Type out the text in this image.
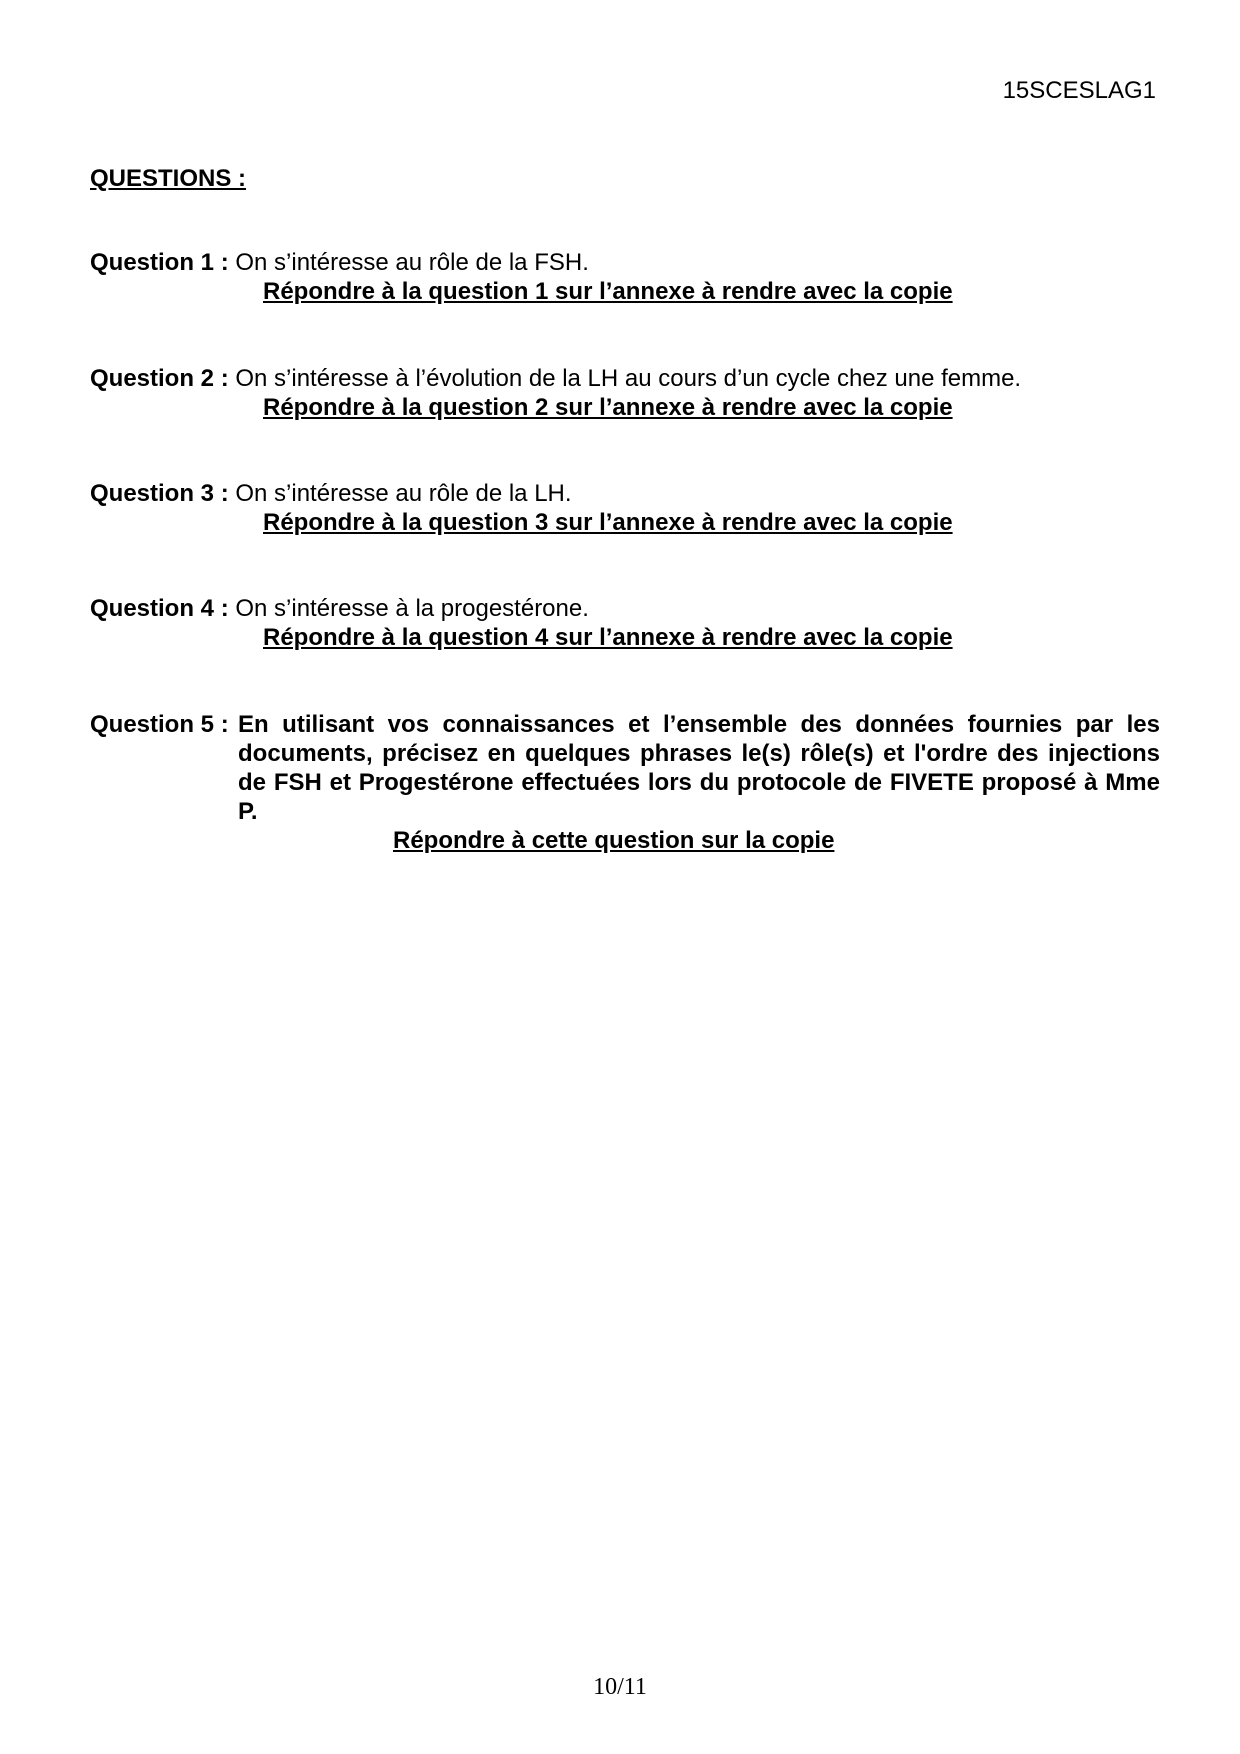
15SCESLAG1
QUESTIONS :
Question 1 : On s’intéresse au rôle de la FSH.
Répondre à la question 1 sur l’annexe à rendre avec la copie
Question 2 : On s’intéresse à l’évolution de la LH au cours d’un cycle chez une femme.
Répondre à la question 2 sur l’annexe à rendre avec la copie
Question 3 : On s’intéresse au rôle de la LH.
Répondre à la question 3 sur l’annexe à rendre avec la copie
Question 4 : On s’intéresse à la progestérone.
Répondre à la question 4 sur l’annexe à rendre avec la copie
Question 5 : En utilisant vos connaissances et l’ensemble des données fournies par les documents, précisez en quelques phrases le(s) rôle(s) et l'ordre des injections de FSH et Progestérone effectuées lors du protocole de FIVETE proposé à Mme P.
Répondre à cette question sur la copie
10/11
